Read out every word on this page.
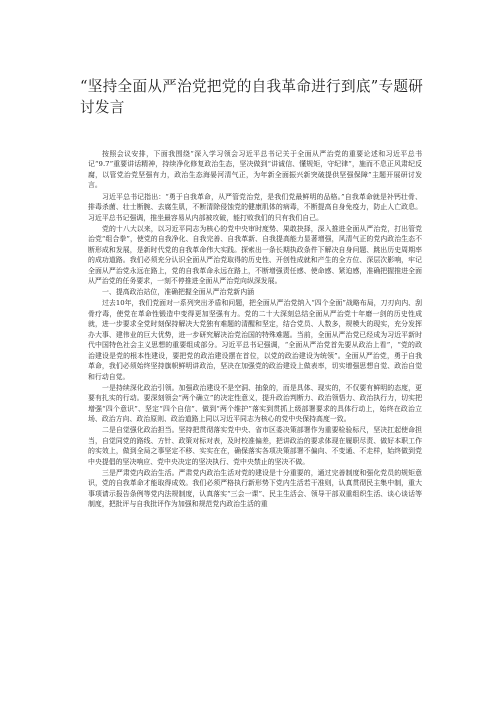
“坚持全面从严治党把党的自我革命进行到底”专题研讨发言

按照会议安排，下面我围绕“深入学习领会习近平总书记关于全面从严治党的重要论述和习近平总书记“9.7”重要讲话精神，持续净化修复政治生态，坚决做到“讲诚信、懂规矩，守纪律”，施而不息正风肃纪反腐，以管党治党坚强有力，政治生态海晏河清气正，为年新全面振兴新突破提供坚强保障”主题开展研讨发言。

习近平总书记指出：“勇于自我革命，从严管党治党，是我们党最鲜明的品格。”自我革命就是补钙壮骨、排毒杀菌、壮士断腕、去腐生肌，不断清除侵蚀党的健康肌体的病毒，不断提高自身免疫力，防止人亡政息。习近平总书记强调，推坐最容易从内部被攻破，能打败我们的只有我们自己。

党的十八大以来，以习近平同志为核心的党中央审时度势、果敢抉择，深入推进全面从严治党，打出管党治党“组合拳”，使党的自我净化、自我完善、自我革新、自我提高能力显著增强，风清气正的党内政治生态不断形成和发展，是新时代党的自我革命伟大实践。探索出一条长期执政条件下解决自身问题、跳出历史周期率的成功道路。我们必须充分认识全面从严治党取得的历史性、开创性成就和产生的全方位、深层次影响，牢记全面从严治党永远在路上，党的自我革命永远在路上，不断增强责任感、使命感、紧迫感，准确把握推进全面从严治党的任务要求，一刻不停推进全面从严治党向纵深发展。

一、提高政治站位，准确把握全面从严治党新内涵

过去10年，我们党面对一系列突出矛盾和问题，把全面从严治党纳入“四个全面”战略布局，刀刃向内、刮骨疗毒，使党在革命性锻造中变得更加坚强有力。党的二十大深刻总结全面从严治党十年磨一剑的历史性成就，进一步要求全党时刻保持解决大党独有难题的清醒和坚定，结合党员、人数多，规模大的现实，充分发挥办大事、建伟业的巨大优势，进一步研究解决治党治国的特殊难题。当前，全面从严治党已经成为习近平新时代中国特色社会主义思想的重要组成部分。习近平总书记强调，“全面从严治党首先要从政治上看”，“党的政治建设是党的根本性建设，要把党的政治建设摆在首位，以党的政治建设为统领”。全面从严治党，勇于自我革命，我们必须始终坚持旗帜鲜明讲政治，坚决在加强党的政治建设上做表率，切实增强思想自觉、政治自觉和行动自觉。

一是持续深化政治引领。加强政治建设不是空洞、抽象的，而是具体、现实的，不仅要有鲜明的态度，更要有扎实的行动。要深刻领会“两个确立”的决定性意义，提升政治判断力、政治领悟力、政治执行力，切实把增强“四个意识”、坚定“四个自信”、做到“两个维护”落实到贯抓上级部署要求的具体行动上，始终在政治立场、政治方向、政治原则、政治道路上同以习近平同志为核心的党中央保持高度一致。

二是自觉强化政治担当。坚持把贯彻落实党中央、省市区委决策部署作为重要检验标尺，坚决扛起使命担当，自觉同党的路线、方针、政策对标对表，及时校准偏差，把讲政治的要求体现在履职尽责、做好本职工作的实效上，做到全局之事坚定不移、实实在在，确保落实各项决策部署不偏向、不变通、不走样，始终做到党中央提倡的坚决响应、党中央决定的坚决执行、党中央禁止的坚决不做。

三是严肃党内政治生活。严肃党内政治生活对党的建设是十分重要的，通过完善制度和强化党员的规矩意识，党的自我革命才能取得成效。我们必须严格执行新形势下党内生活若干准则，认真贯彻民主集中制，重大事项请示报告条例等党内法规制度，认真落实“三会一课”、民主生活会、领导干部双重组织生活、谈心谈话等制度，把批评与自我批评作为加强和规范党内政治生活的重
